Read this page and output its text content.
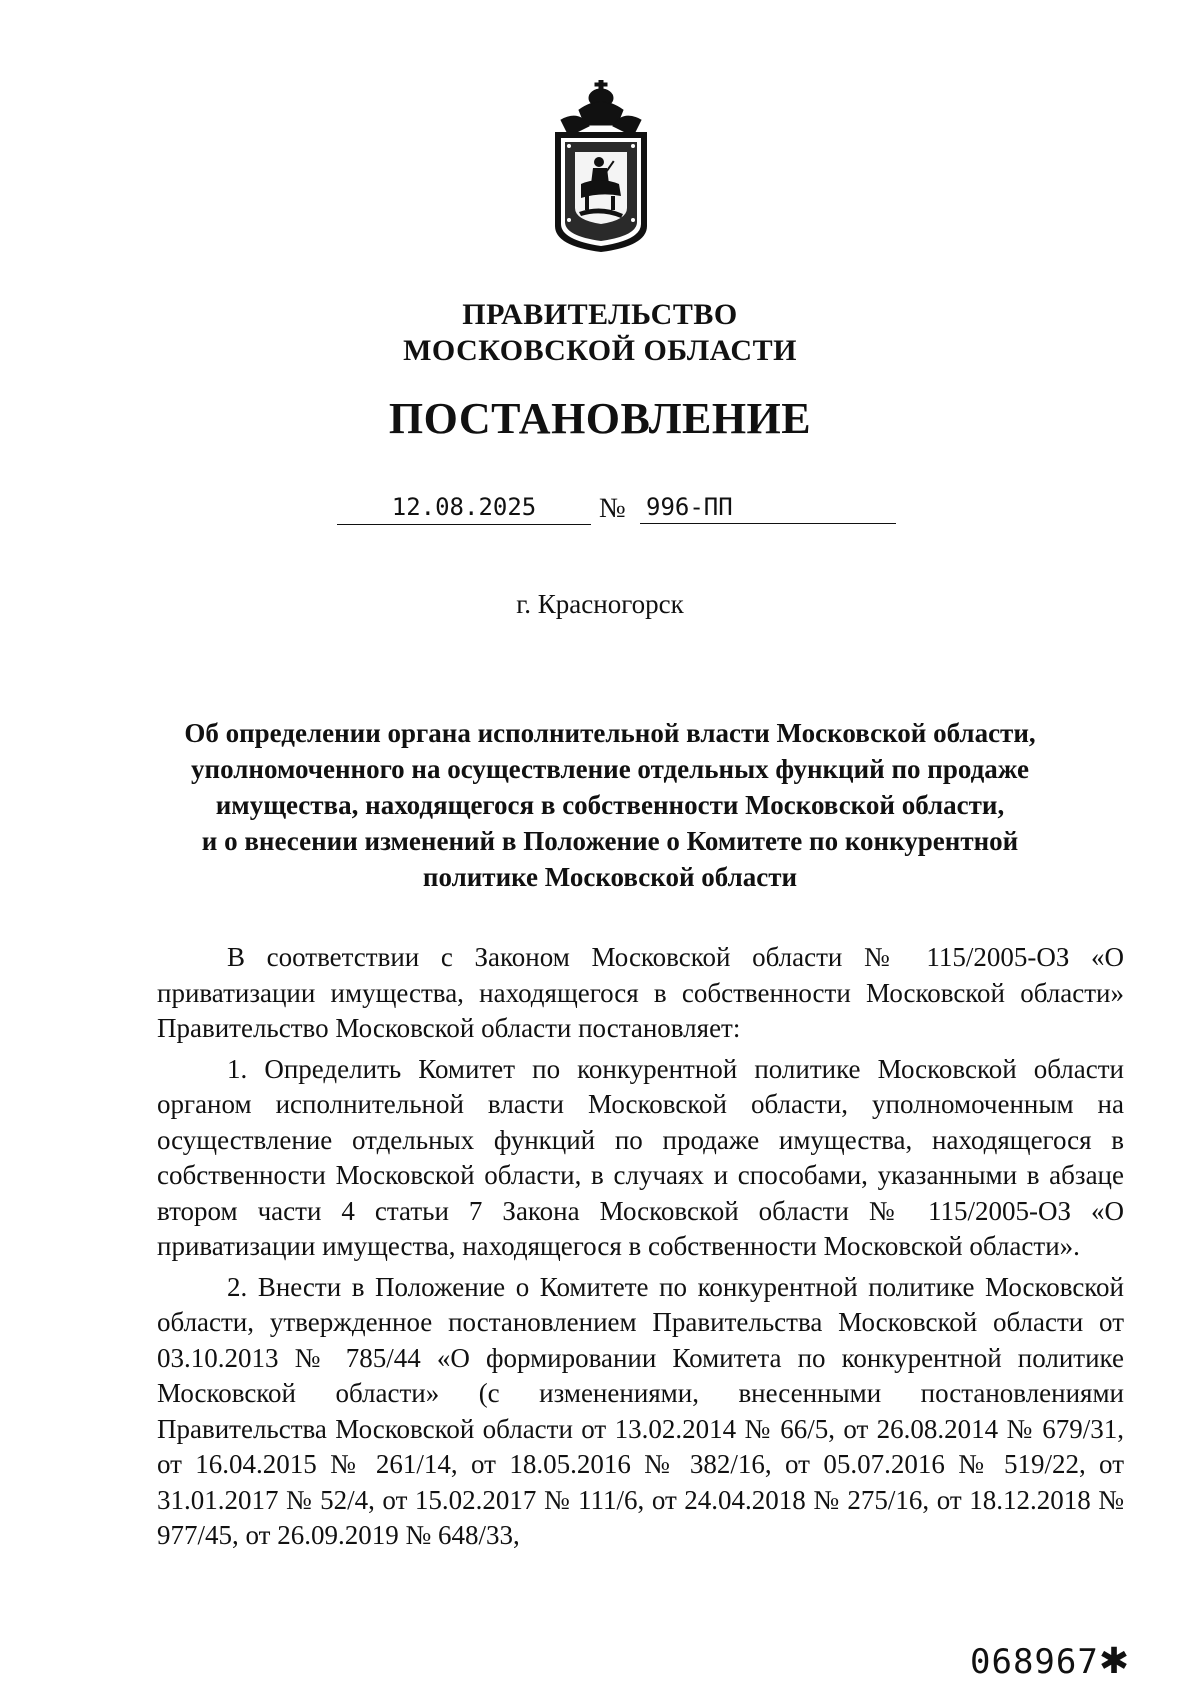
ПРАВИТЕЛЬСТВО
МОСКОВСКОЙ ОБЛАСТИ
ПОСТАНОВЛЕНИЕ
12.08.2025	№ 996-ПП
г. Красногорск
Об определении органа исполнительной власти Московской области,
уполномоченного на осуществление отдельных функций по продаже
имущества, находящегося в собственности Московской области,
и о внесении изменений в Положение о Комитете по конкурентной
политике Московской области

В соответствии с Законом Московской области № 115/2005-ОЗ «О приватизации имущества, находящегося в собственности Московской области» Правительство Московской области постановляет:

1. Определить Комитет по конкурентной политике Московской области органом исполнительной власти Московской области, уполномоченным на осуществление отдельных функций по продаже имущества, находящегося в собственности Московской области, в случаях и способами, указанными в абзаце втором части 4 статьи 7 Закона Московской области № 115/2005-ОЗ «О приватизации имущества, находящегося в собственности Московской области».

2. Внести в Положение о Комитете по конкурентной политике Московской области, утвержденное постановлением Правительства Московской области от 03.10.2013 № 785/44 «О формировании Комитета по конкурентной политике Московской области» (с изменениями, внесенными постановлениями Правительства Московской области от 13.02.2014 № 66/5, от 26.08.2014 № 679/31, от 16.04.2015 № 261/14, от 18.05.2016 № 382/16, от 05.07.2016 № 519/22, от 31.01.2017 № 52/4, от 15.02.2017 № 111/6, от 24.04.2018 № 275/16, от 18.12.2018 № 977/45, от 26.09.2019 № 648/33,

068967✱
